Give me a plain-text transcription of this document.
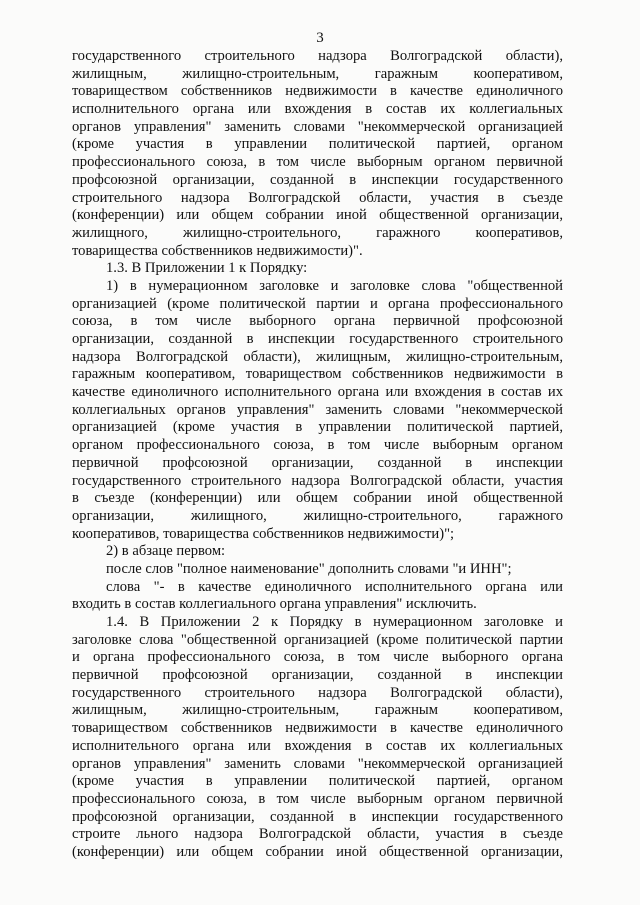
3
государственного строительного надзора Волгоградской области),
жилищным, жилищно-строительным, гаражным кооперативом,
товариществом собственников недвижимости в качестве единоличного
исполнительного органа или вхождения в состав их коллегиальных
органов управления" заменить словами "некоммерческой организацией
(кроме участия в управлении политической партией, органом
профессионального союза, в том числе выборным органом первичной
профсоюзной организации, созданной в инспекции государственного
строительного надзора Волгоградской области, участия в съезде
(конференции) или общем собрании иной общественной организации,
жилищного, жилищно-строительного, гаражного кооперативов,
товарищества собственников недвижимости)".
1.3. В Приложении 1 к Порядку:
1) в нумерационном заголовке и заголовке слова "общественной
организацией (кроме политической партии и органа профессионального
союза, в том числе выборного органа первичной профсоюзной
организации, созданной в инспекции государственного строительного
надзора Волгоградской области), жилищным, жилищно-строительным,
гаражным кооперативом, товариществом собственников недвижимости в
качестве единоличного исполнительного органа или вхождения в состав их
коллегиальных органов управления" заменить словами "некоммерческой
организацией (кроме участия в управлении политической партией,
органом профессионального союза, в том числе выборным органом
первичной профсоюзной организации, созданной в инспекции
государственного строительного надзора Волгоградской области, участия
в съезде (конференции) или общем собрании иной общественной
организации, жилищного, жилищно-строительного, гаражного
кооперативов, товарищества собственников недвижимости)";
2) в абзаце первом:
после слов "полное наименование" дополнить словами "и ИНН";
слова "- в качестве единоличного исполнительного органа или
входить в состав коллегиального органа управления" исключить.
1.4. В Приложении 2 к Порядку в нумерационном заголовке и
заголовке слова "общественной организацией (кроме политической партии
и органа профессионального союза, в том числе выборного органа
первичной профсоюзной организации, созданной в инспекции
государственного строительного надзора Волгоградской области),
жилищным, жилищно-строительным, гаражным кооперативом,
товариществом собственников недвижимости в качестве единоличного
исполнительного органа или вхождения в состав их коллегиальных
органов управления" заменить словами "некоммерческой организацией
(кроме участия в управлении политической партией, органом
профессионального союза, в том числе выборным органом первичной
профсоюзной организации, созданной в инспекции государственного
строите льного надзора Волгоградской области, участия в съезде
(конференции) или общем собрании иной общественной организации,
